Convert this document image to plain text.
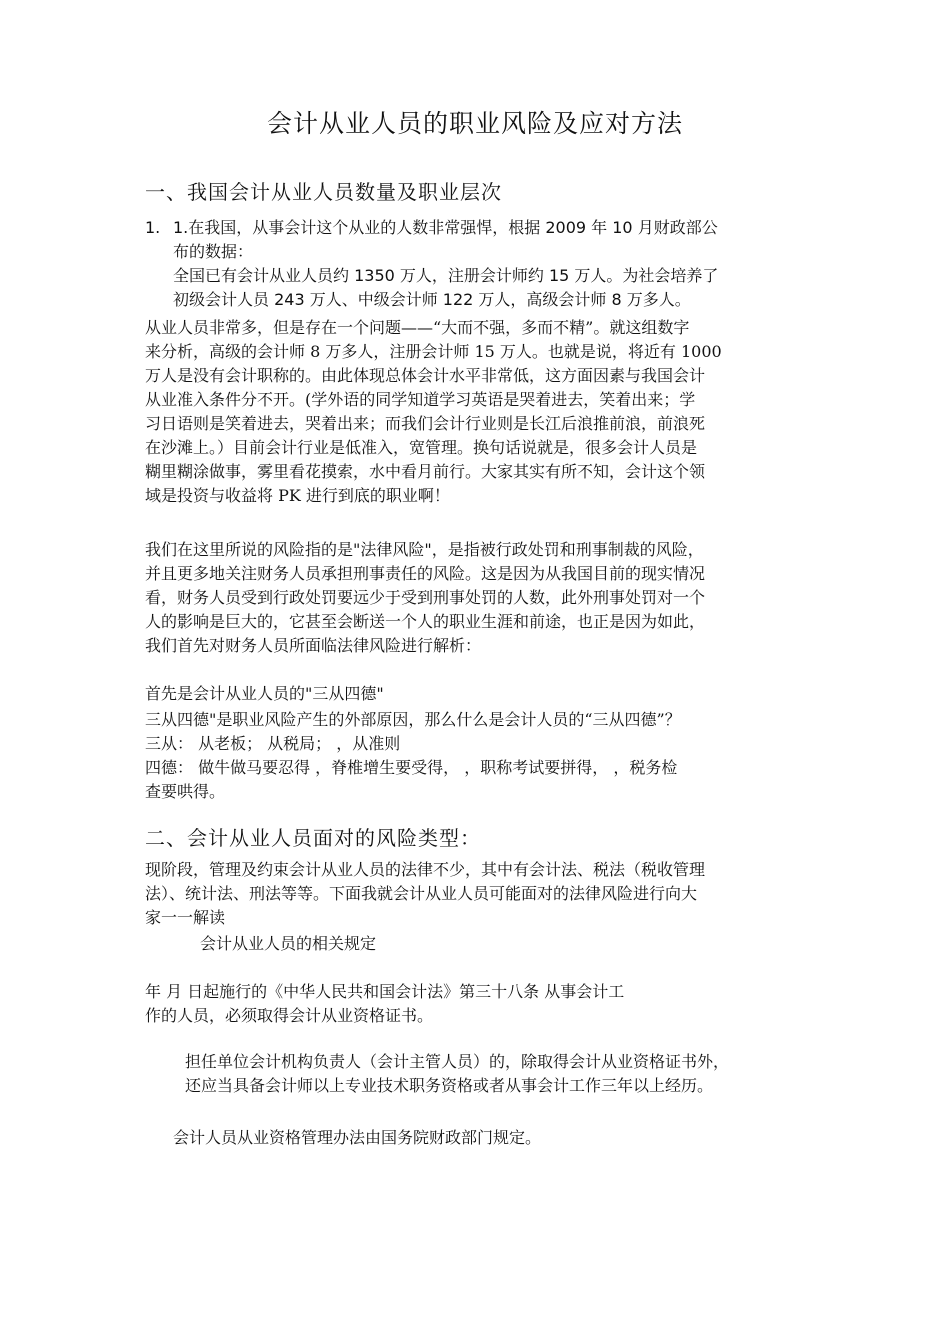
会计从业人员的职业风险及应对方法
一、我国会计从业人员数量及职业层次

1. 1.在我国，从事会计这个从业的人数非常强悍，根据 2009 年 10 月财政部公
布的数据：

全国已有会计从业人员约 1350 万人，注册会计师约 15 万人。为社会培养了
初级会计人员 243 万人、中级会计师 122 万人，高级会计师 8 万多人。
从业人员非常多，但是存在一个问题——“大而不强，多而不精”。就这组数字
来分析，高级的会计师 8 万多人，注册会计师 15 万人。也就是说，将近有 1000
万人是没有会计职称的。由此体现总体会计水平非常低，这方面因素与我国会计
从业准入条件分不开。(学外语的同学知道学习英语是哭着进去，笑着出来；学
习日语则是笑着进去，哭着出来；而我们会计行业则是长江后浪推前浪，前浪死
在沙滩上。）目前会计行业是低准入，宽管理。换句话说就是，很多会计人员是
糊里糊涂做事，雾里看花摸索，水中看月前行。大家其实有所不知，会计这个领
域是投资与收益将 PK 进行到底的职业啊！
我们在这里所说的风险指的是"法律风险"，是指被行政处罚和刑事制裁的风险，
并且更多地关注财务人员承担刑事责任的风险。这是因为从我国目前的现实情况
看，财务人员受到行政处罚要远少于受到刑事处罚的人数，此外刑事处罚对一个
人的影响是巨大的，它甚至会断送一个人的职业生涯和前途，也正是因为如此，
我们首先对财务人员所面临法律风险进行解析：

首先是会计从业人员的"三从四德"
三从四德"是职业风险产生的外部原因，那么什么是会计人员的“三从四德”？
三从： 从老板； 从税局； ，从准则
四德： 做牛做马要忍得 ，脊椎增生要受得， ，职称考试要拼得， ，税务检
查要哄得。
二、会计从业人员面对的风险类型：
现阶段，管理及约束会计从业人员的法律不少，其中有会计法、税法（税收管理
法）、统计法、刑法等等。下面我就会计从业人员可能面对的法律风险进行向大
家一一解读
会计从业人员的相关规定
年 月 日起施行的《中华人民共和国会计法》第三十八条 从事会计工
作的人员，必须取得会计从业资格证书。
担任单位会计机构负责人（会计主管人员）的，除取得会计从业资格证书外，
还应当具备会计师以上专业技术职务资格或者从事会计工作三年以上经历。
会计人员从业资格管理办法由国务院财政部门规定。
